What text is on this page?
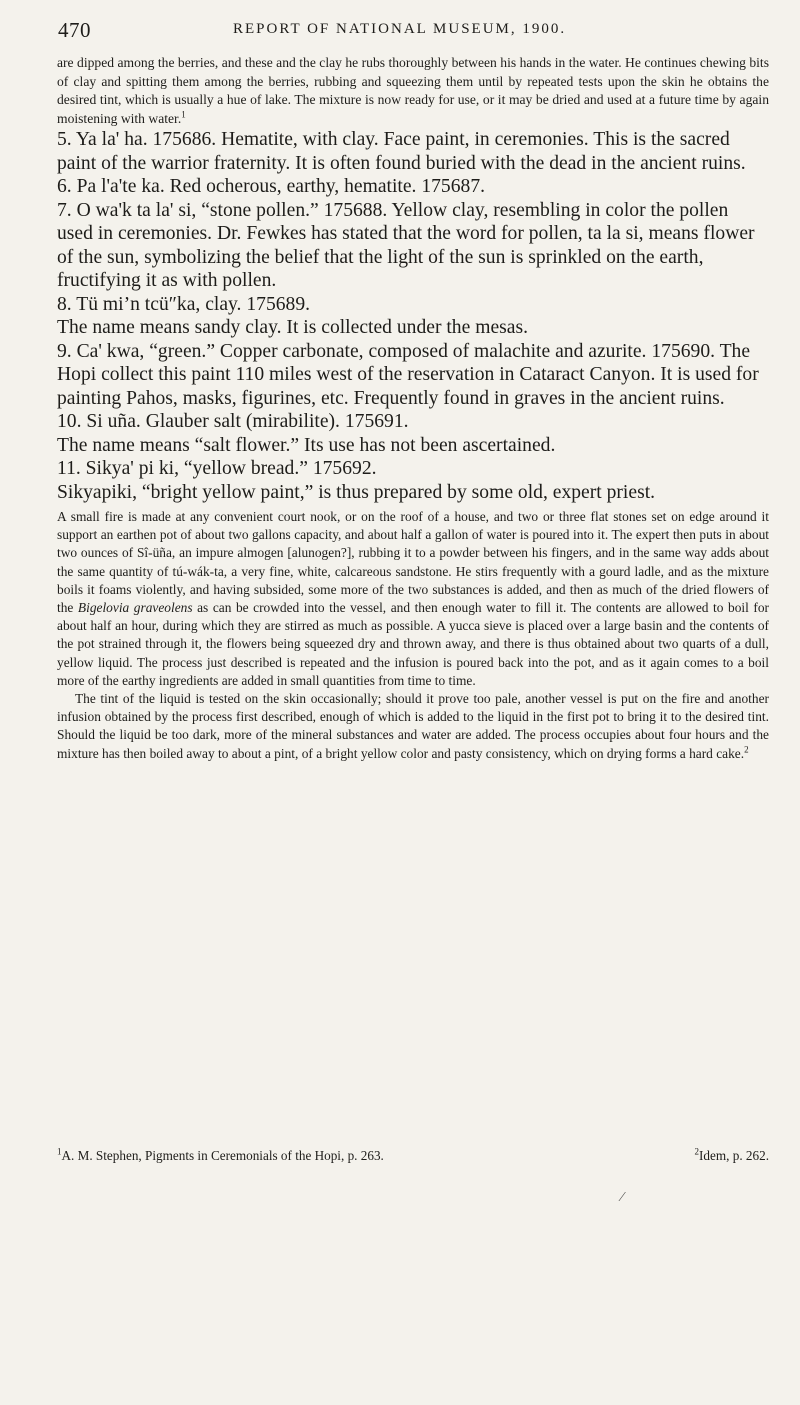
470	REPORT OF NATIONAL MUSEUM, 1900.

are dipped among the berries, and these and the clay he rubs thoroughly between his hands in the water. He continues chewing bits of clay and spitting them among the berries, rubbing and squeezing them until by repeated tests upon the skin he obtains the desired tint, which is usually a hue of lake. The mixture is now ready for use, or it may be dried and used at a future time by again moistening with water.$^1$

5. Ya la' ha. 175686. Hematite, with clay. Face paint, in ceremonies. This is the sacred paint of the warrior fraternity. It is often found buried with the dead in the ancient ruins.

6. Pa l'a'te ka. Red ocherous, earthy, hematite. 175687.

7. O wa'k ta la' si, “stone pollen.” 175688. Yellow clay, resembling in color the pollen used in ceremonies. Dr. Fewkes has stated that the word for pollen, ta la si, means flower of the sun, symbolizing the belief that the light of the sun is sprinkled on the earth, fructifying it as with pollen.

8. Tü mi’n tcü″ka, clay. 175689.

The name means sandy clay. It is collected under the mesas.

9. Ca' kwa, “green.” Copper carbonate, composed of malachite and azurite. 175690. The Hopi collect this paint 110 miles west of the reservation in Cataract Canyon. It is used for painting Pahos, masks, figurines, etc. Frequently found in graves in the ancient ruins.

10. Si uña. Glauber salt (mirabilite). 175691.

The name means “salt flower.” Its use has not been ascertained.

11. Sikya' pi ki, “yellow bread.” 175692.

Sikyapiki, “bright yellow paint,” is thus prepared by some old, expert priest.

A small fire is made at any convenient court nook, or on the roof of a house, and two or three flat stones set on edge around it support an earthen pot of about two gallons capacity, and about half a gallon of water is poured into it. The expert then puts in about two ounces of Sî-üña, an impure almogen [alunogen?], rubbing it to a powder between his fingers, and in the same way adds about the same quantity of tú-wák-ta, a very fine, white, calcareous sandstone. He stirs frequently with a gourd ladle, and as the mixture boils it foams violently, and having subsided, some more of the two substances is added, and then as much of the dried flowers of the Bigelovia graveolens as can be crowded into the vessel, and then enough water to fill it. The contents are allowed to boil for about half an hour, during which they are stirred as much as possible. A yucca sieve is placed over a large basin and the contents of the pot strained through it, the flowers being squeezed dry and thrown away, and there is thus obtained about two quarts of a dull, yellow liquid. The process just described is repeated and the infusion is poured back into the pot, and as it again comes to a boil more of the earthy ingredients are added in small quantities from time to time.

The tint of the liquid is tested on the skin occasionally; should it prove too pale, another vessel is put on the fire and another infusion obtained by the process first described, enough of which is added to the liquid in the first pot to bring it to the desired tint. Should the liquid be too dark, more of the mineral substances and water are added. The process occupies about four hours and the mixture has then boiled away to about a pint, of a bright yellow color and pasty consistency, which on drying forms a hard cake.$^2$

$^1$A. M. Stephen, Pigments in Ceremonials of the Hopi, p. 263.	$^2$Idem, p. 262.
⁄
